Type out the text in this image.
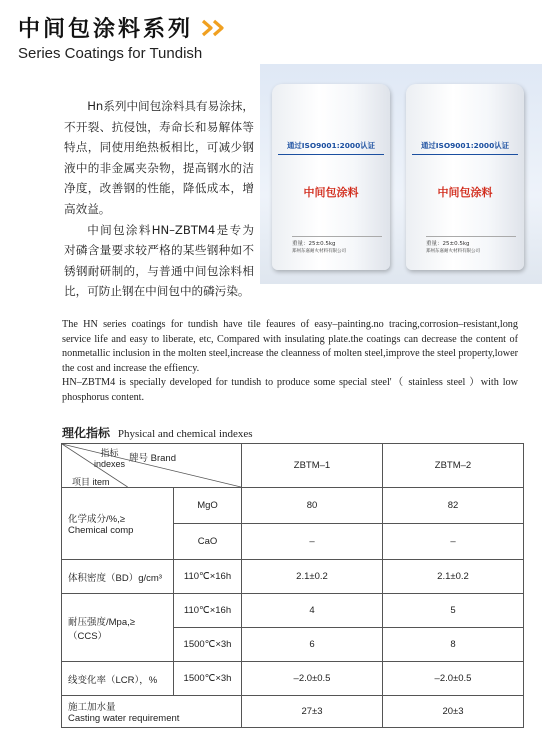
中间包涂料系列
Series Coatings for Tundish

Hn系列中间包涂料具有易涂抹，不开裂、抗侵蚀，寿命长和易解体等特点，同使用绝热板相比，可减少钢液中的非金属夹杂物，提高钢水的洁净度，改善钢的性能，降低成本，增高效益。

中间包涂料HN–ZBTM4是专为对磷含量要求较严格的某些钢种如不锈钢耐研制的，与普通中间包涂料相比，可防止钢在中间包中的磷污染。

通过ISO9001:2000认证
中间包涂料
重量：25±0.5kg
郑州东嘉耐火材料有限公司
通过ISO9001:2000认证
中间包涂料
重量：25±0.5kg
郑州东嘉耐火材料有限公司

The HN series coatings for tundish have tile feaures of easy–painting.no tracing,corrosion–resistant,long service life and easy to liberate, etc, Compared with insulating plate.the coatings can decrease the content of nonmetallic inclusion in the molten steel,increase the cleanness of molten steel,improve the steel property,lower the cost and increase the effiency.

HN–ZBTM4 is specially developed for tundish to produce some special steel'（ stainless steel ）with low phosphorus content.

理化指标 Physical and chemical indexes
牌号 Brand
指标
indexes
项目 item		ZBTM–1	ZBTM–2

化学成分/%,≥
Chemical comp	MgO	80	82
	CaO	–	–
体积密度（BD）g/cm³	110℃×16h	2.1±0.2	2.1±0.2

耐压强度/Mpa,≥
（CCS）	110℃×16h	4	5
	1500℃×3h	6	8
线变化率（LCR），%	1500℃×3h	–2.0±0.5	–2.0±0.5

施工加水量
Casting water requirement		27±3	20±3
